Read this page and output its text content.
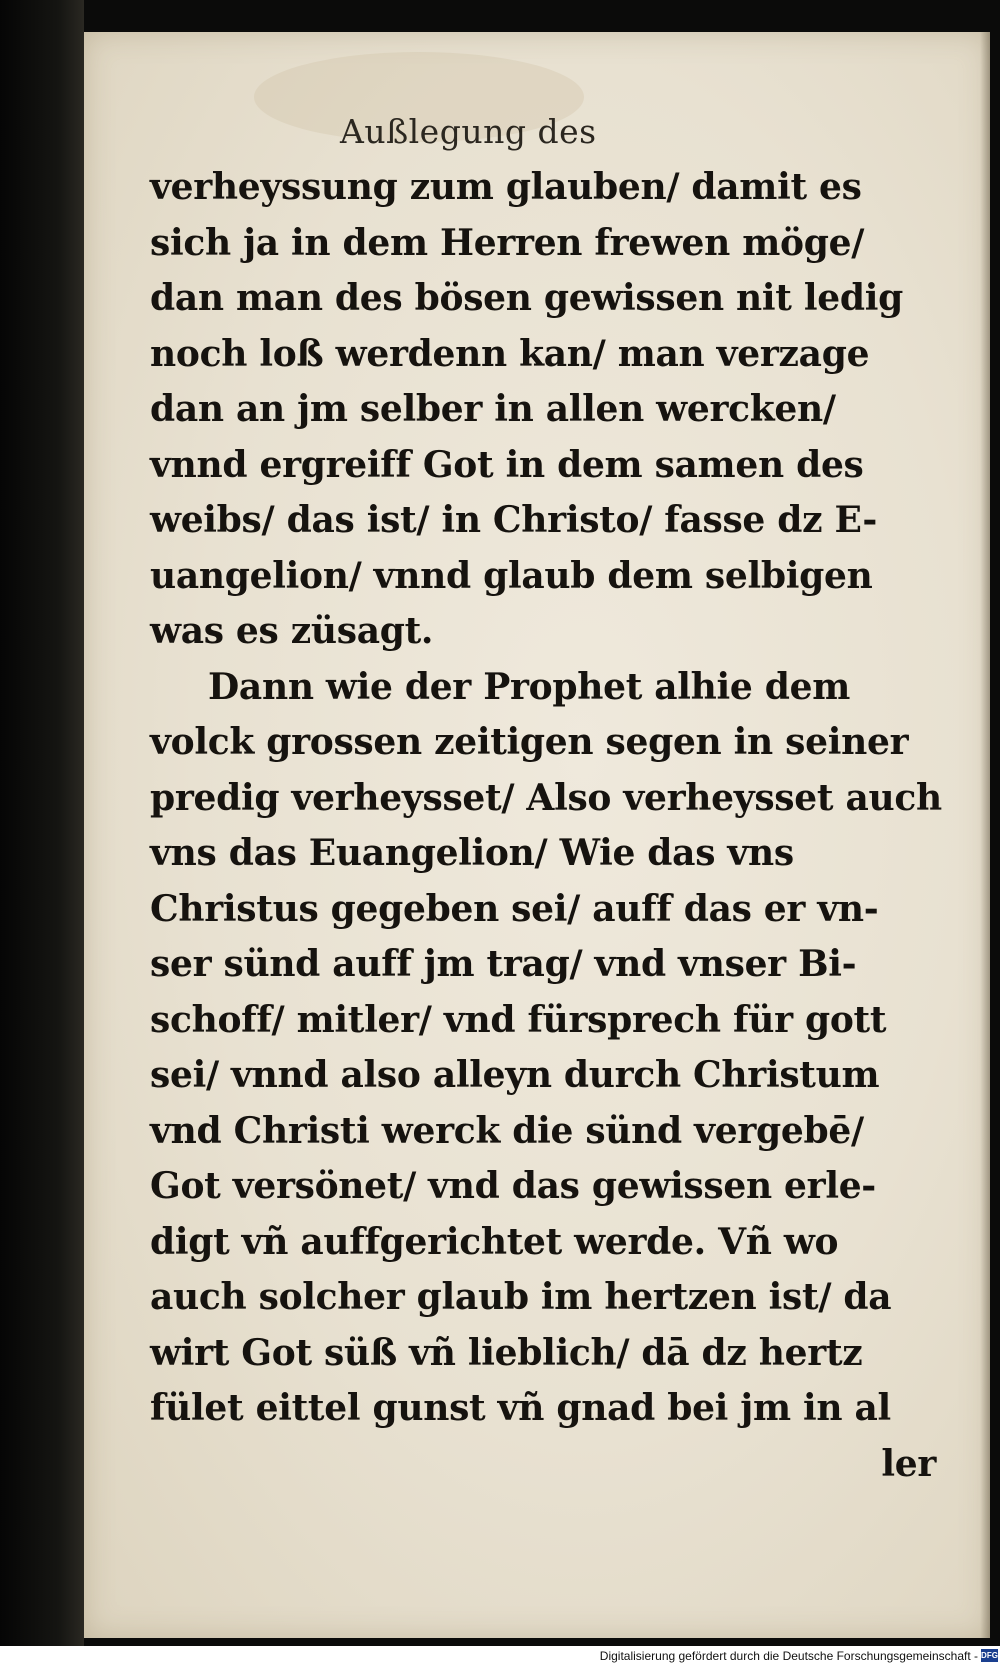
Außlegung des
verheyssung zum glauben/ damit es
sich ja in dem Herren frewen möge/
dan man des bösen gewissen nit ledig
noch loß werdenn kan/ man verzage
dan an jm selber in allen wercken/
vnnd ergreiff Got in dem samen des
weibs/ das ist/ in Christo/ fasse dz E-
uangelion/ vnnd glaub dem selbigen
was es züsagt.
Dann wie der Prophet alhie dem
volck grossen zeitigen segen in seiner
predig verheysset/ Also verheysset auch
vns das Euangelion/ Wie das vns
Christus gegeben sei/ auff das er vn-
ser sünd auff jm trag/ vnd vnser Bi-
schoff/ mitler/ vnd fürsprech für gott
sei/ vnnd also alleyn durch Christum
vnd Christi werck die sünd vergebē/
Got versönet/ vnd das gewissen erle-
digt vñ auffgerichtet werde. Vñ wo
auch solcher glaub im hertzen ist/ da
wirt Got süß vñ lieblich/ dā dz hertz
fület eittel gunst vñ gnad bei jm in al
ler
Digitalisierung gefördert durch die Deutsche Forschungsgemeinschaft - DFG
